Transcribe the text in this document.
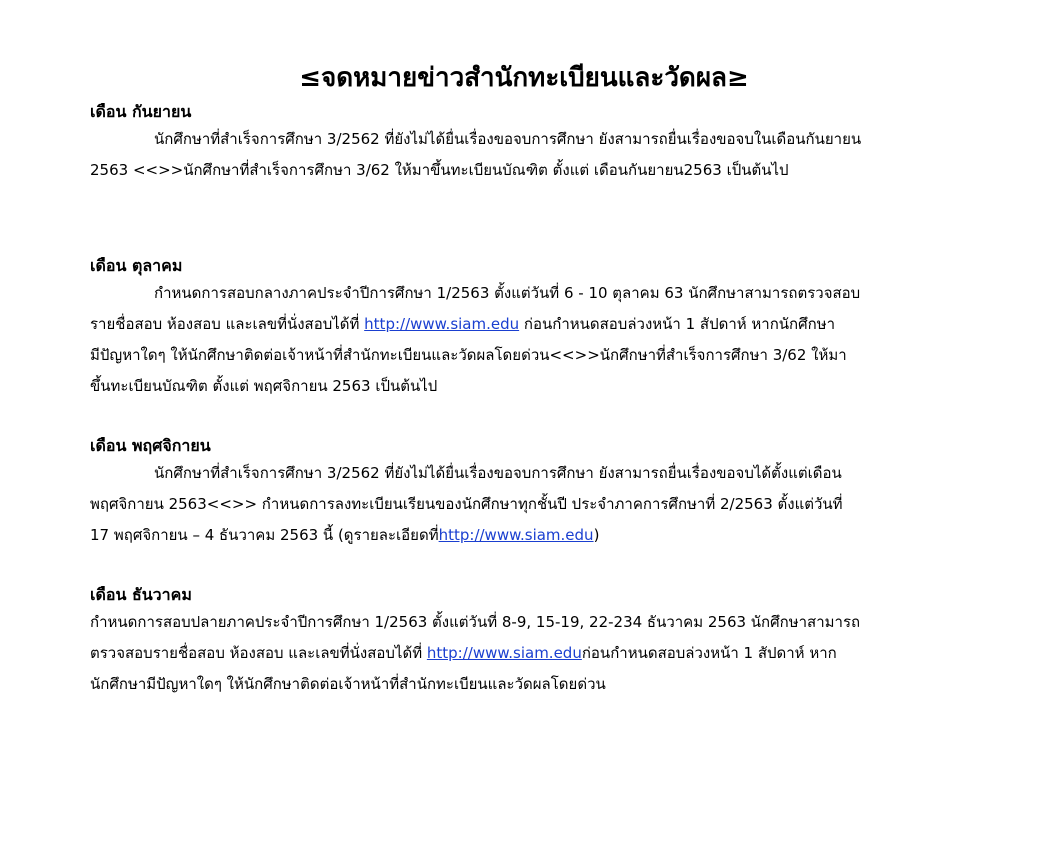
≤จดหมายข่าวสำนักทะเบียนและวัดผล≥
เดือน กันยายน

นักศึกษาที่สำเร็จการศึกษา 3/2562 ที่ยังไม่ได้ยื่นเรื่องขอจบการศึกษา ยังสามารถยื่นเรื่องขอจบในเดือนกันยายน
2563 <<>>นักศึกษาที่สำเร็จการศึกษา 3/62 ให้มาขึ้นทะเบียนบัณฑิต ตั้งแต่ เดือนกันยายน2563 เป็นต้นไป

เดือน ตุลาคม

กำหนดการสอบกลางภาคประจำปีการศึกษา 1/2563 ตั้งแต่วันที่ 6 - 10 ตุลาคม 63 นักศึกษาสามารถตรวจสอบ
รายชื่อสอบ ห้องสอบ และเลขที่นั่งสอบได้ที่ http://www.siam.edu ก่อนกำหนดสอบล่วงหน้า 1 สัปดาห์ หากนักศึกษา
มีปัญหาใดๆ ให้นักศึกษาติดต่อเจ้าหน้าที่สำนักทะเบียนและวัดผลโดยด่วน<<>>นักศึกษาที่สำเร็จการศึกษา 3/62 ให้มา
ขึ้นทะเบียนบัณฑิต ตั้งแต่ พฤศจิกายน 2563 เป็นต้นไป

เดือน พฤศจิกายน

นักศึกษาที่สำเร็จการศึกษา 3/2562 ที่ยังไม่ได้ยื่นเรื่องขอจบการศึกษา ยังสามารถยื่นเรื่องขอจบได้ตั้งแต่เดือน
พฤศจิกายน 2563<<>> กำหนดการลงทะเบียนเรียนของนักศึกษาทุกชั้นปี ประจำภาคการศึกษาที่ 2/2563 ตั้งแต่วันที่
17 พฤศจิกายน – 4 ธันวาคม 2563 นี้ (ดูรายละเอียดที่http://www.siam.edu)

เดือน ธันวาคม

กำหนดการสอบปลายภาคประจำปีการศึกษา 1/2563 ตั้งแต่วันที่ 8-9, 15-19, 22-234 ธันวาคม 2563 นักศึกษาสามารถ
ตรวจสอบรายชื่อสอบ ห้องสอบ และเลขที่นั่งสอบได้ที่ http://www.siam.eduก่อนกำหนดสอบล่วงหน้า 1 สัปดาห์ หาก
นักศึกษามีปัญหาใดๆ ให้นักศึกษาติดต่อเจ้าหน้าที่สำนักทะเบียนและวัดผลโดยด่วน
